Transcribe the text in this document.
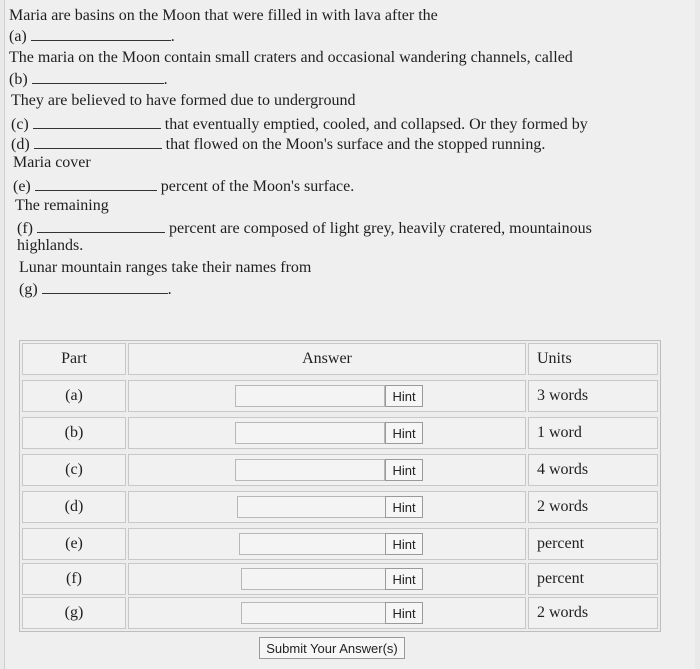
Maria are basins on the Moon that were filled in with lava after the
(a)	.
The maria on the Moon contain small craters and occasional wandering channels, called
(b)	.
They are believed to have formed due to underground
(c)	that eventually emptied, cooled, and collapsed. Or they formed by
(d)	that flowed on the Moon's surface and the stopped running.
Maria cover
(e)	percent of the Moon's surface.
The remaining
(f)	percent are composed of light grey, heavily cratered, mountainous
highlands.
Lunar mountain ranges take their names from
(g)	.
Part	Answer	Units
(a)	Hint	3 words
(b)	Hint	1 word
(c)	Hint	4 words
(d)	Hint	2 words
(e)	Hint	percent
(f)	Hint	percent
(g)	Hint	2 words
Submit Your Answer(s)
